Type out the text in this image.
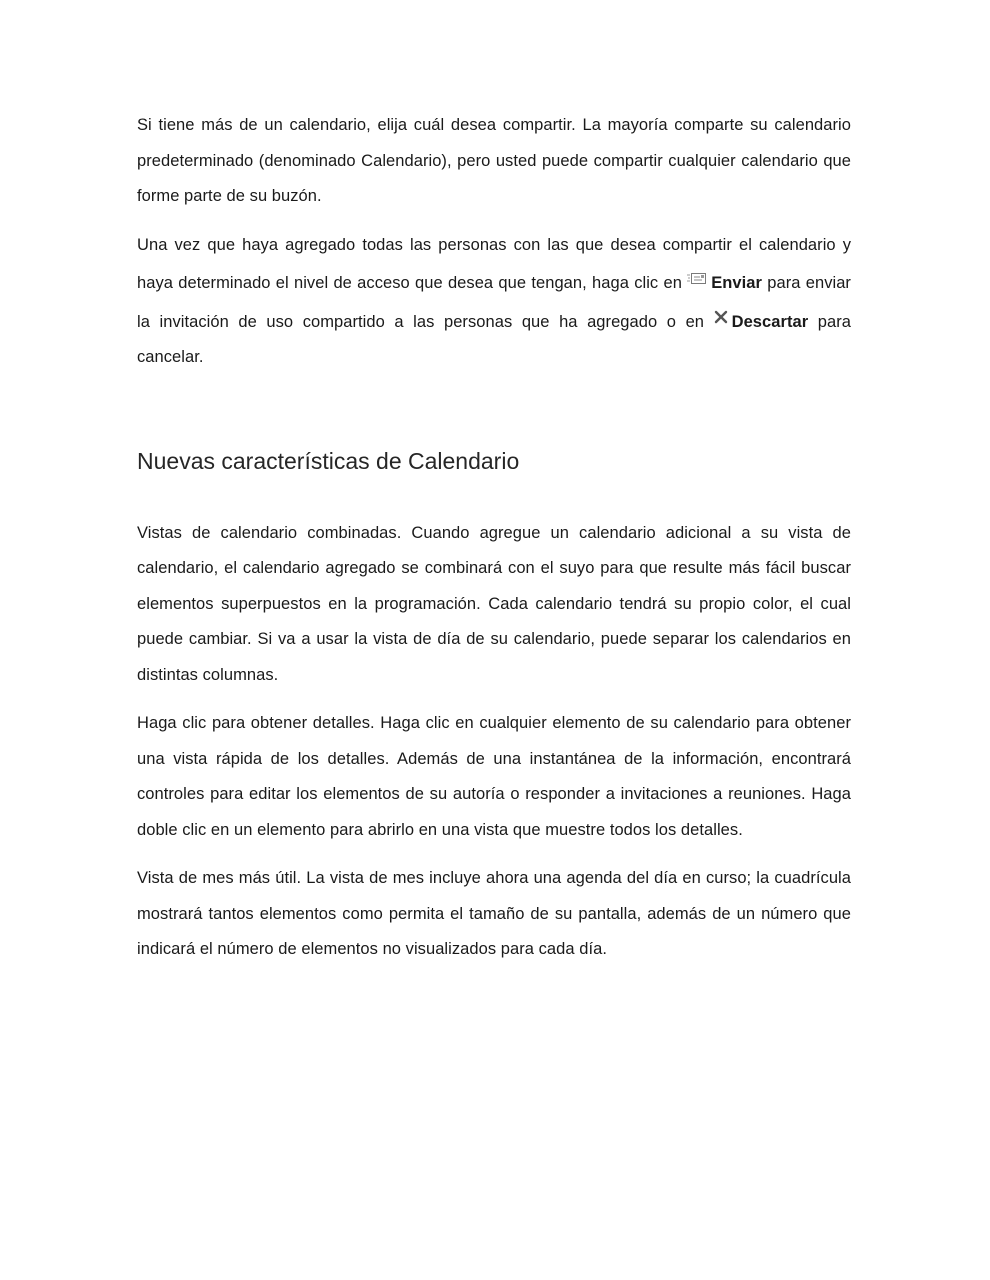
Si tiene más de un calendario, elija cuál desea compartir. La mayoría comparte su calendario predeterminado (denominado Calendario), pero usted puede compartir cualquier calendario que forme parte de su buzón.

Una vez que haya agregado todas las personas con las que desea compartir el calendario y haya determinado el nivel de acceso que desea que tengan, haga clic en Enviar para enviar la invitación de uso compartido a las personas que ha agregado o en Descartar para cancelar.

Nuevas características de Calendario

Vistas de calendario combinadas. Cuando agregue un calendario adicional a su vista de calendario, el calendario agregado se combinará con el suyo para que resulte más fácil buscar elementos superpuestos en la programación. Cada calendario tendrá su propio color, el cual puede cambiar. Si va a usar la vista de día de su calendario, puede separar los calendarios en distintas columnas.

Haga clic para obtener detalles. Haga clic en cualquier elemento de su calendario para obtener una vista rápida de los detalles. Además de una instantánea de la información, encontrará controles para editar los elementos de su autoría o responder a invitaciones a reuniones. Haga doble clic en un elemento para abrirlo en una vista que muestre todos los detalles.

Vista de mes más útil. La vista de mes incluye ahora una agenda del día en curso; la cuadrícula mostrará tantos elementos como permita el tamaño de su pantalla, además de un número que indicará el número de elementos no visualizados para cada día.
